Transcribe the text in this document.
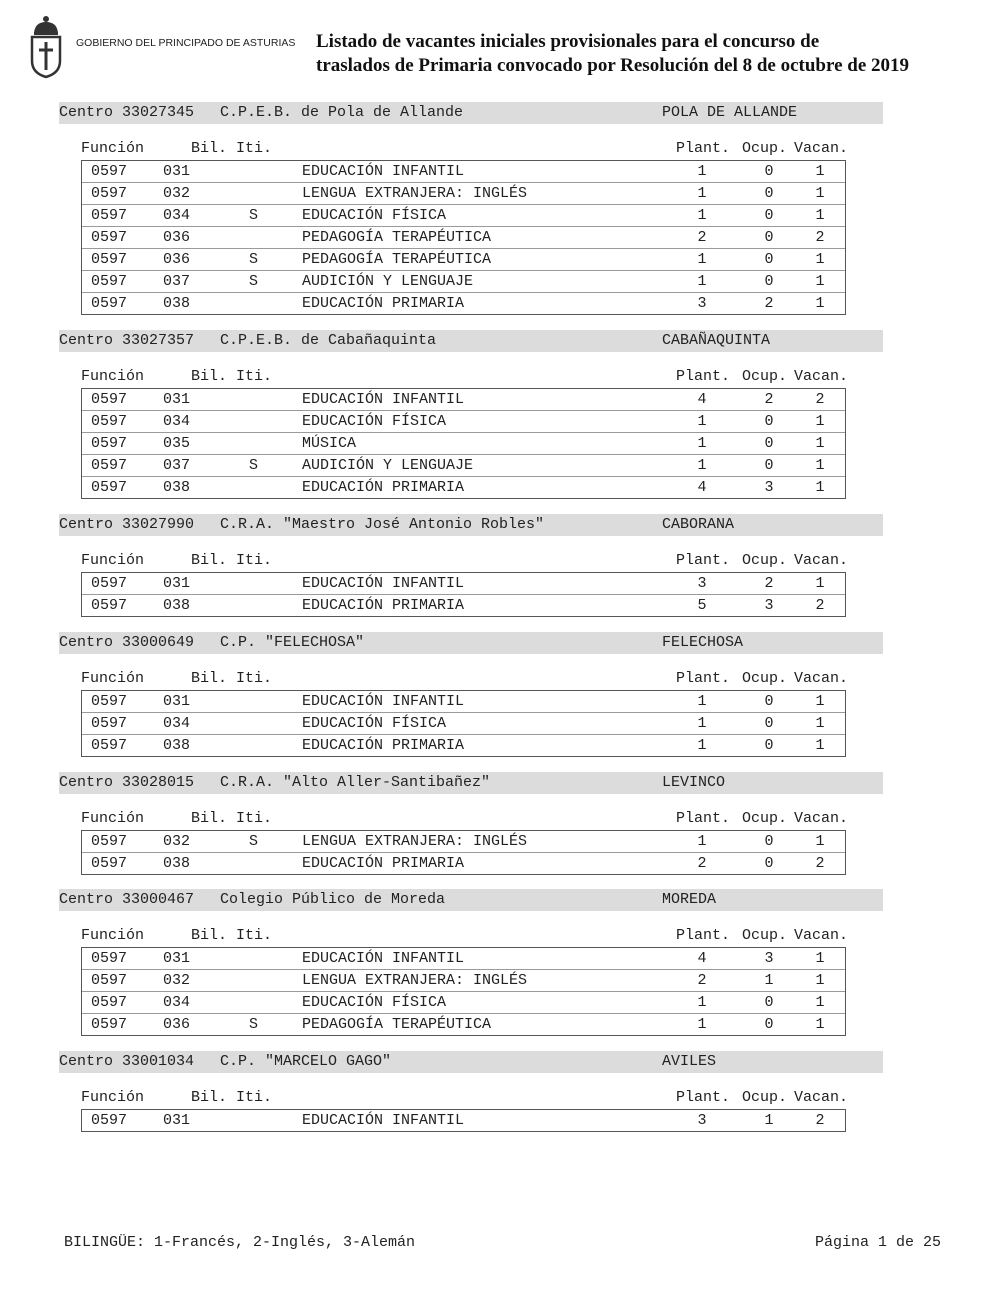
GOBIERNO DEL PRINCIPADO DE ASTURIAS Listado de vacantes iniciales provisionales para el concurso de
traslados de Primaria convocado por Resolución del 8 de octubre de 2019
Centro 33027345 C.P.E.B. de Pola de Allande	POLA DE ALLANDE
Función	Bil. Iti.	Plant. Ocup. Vacan.
0597 031	EDUCACIÓN INFANTIL	1	0	1
0597 032	LENGUA EXTRANJERA: INGLÉS	1	0	1
0597 034	S	EDUCACIÓN FÍSICA	1	0	1
0597 036	PEDAGOGÍA TERAPÉUTICA	2	0	2
0597 036	S	PEDAGOGÍA TERAPÉUTICA	1	0	1
0597 037	S	AUDICIÓN Y LENGUAJE	1	0	1
0597 038	EDUCACIÓN PRIMARIA	3	2	1
Centro 33027357 C.P.E.B. de Cabañaquinta	CABAÑAQUINTA
Función	Bil. Iti.	Plant. Ocup. Vacan.
0597 031	EDUCACIÓN INFANTIL	4	2	2
0597 034	EDUCACIÓN FÍSICA	1	0	1
0597 035	MÚSICA	1	0	1
0597 037	S	AUDICIÓN Y LENGUAJE	1	0	1
0597 038	EDUCACIÓN PRIMARIA	4	3	1
Centro 33027990 C.R.A. "Maestro José Antonio Robles"	CABORANA
Función	Bil. Iti.	Plant. Ocup. Vacan.
0597 031	EDUCACIÓN INFANTIL	3	2	1
0597 038	EDUCACIÓN PRIMARIA	5	3	2
Centro 33000649 C.P. "FELECHOSA"	FELECHOSA
Función	Bil. Iti.	Plant. Ocup. Vacan.
0597 031	EDUCACIÓN INFANTIL	1	0	1
0597 034	EDUCACIÓN FÍSICA	1	0	1
0597 038	EDUCACIÓN PRIMARIA	1	0	1
Centro 33028015 C.R.A. "Alto Aller-Santibañez"	LEVINCO
Función	Bil. Iti.	Plant. Ocup. Vacan.
0597 032	S	LENGUA EXTRANJERA: INGLÉS	1	0	1
0597 038	EDUCACIÓN PRIMARIA	2	0	2
Centro 33000467 Colegio Público de Moreda	MOREDA
Función	Bil. Iti.	Plant. Ocup. Vacan.
0597 031	EDUCACIÓN INFANTIL	4	3	1
0597 032	LENGUA EXTRANJERA: INGLÉS	2	1	1
0597 034	EDUCACIÓN FÍSICA	1	0	1
0597 036	S	PEDAGOGÍA TERAPÉUTICA	1	0	1
Centro 33001034 C.P. "MARCELO GAGO"	AVILES
Función	Bil. Iti.	Plant. Ocup. Vacan.
0597 031	EDUCACIÓN INFANTIL	3	1	2
BILINGÜE: 1-Francés, 2-Inglés, 3-Alemán	Página 1 de 25
